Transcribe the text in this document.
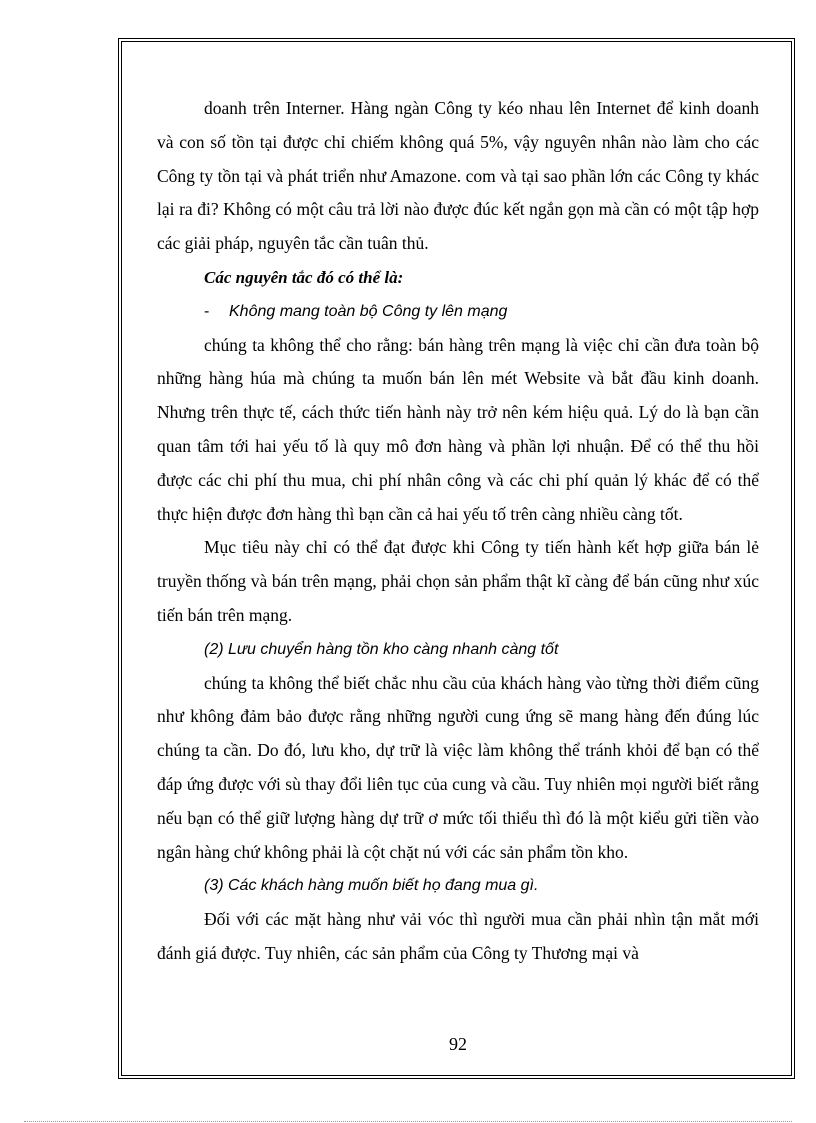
doanh trên Interner. Hàng ngàn Công ty kéo nhau lên Internet để kinh doanh và con số tồn tại được chỉ chiếm không quá 5%, vậy nguyên nhân nào làm cho các Công ty tồn tại và phát triển như Amazone. com và tại sao phần lớn các Công ty khác lại ra đi? Không có một câu trả lời nào được đúc kết ngắn gọn mà cần có một tập hợp các giải pháp, nguyên tắc cần tuân thủ.

Các nguyên tắc đó có thể là:

- Không mang toàn bộ Công ty lên mạng

chúng ta không thể cho rằng: bán hàng trên mạng là việc chỉ cần đưa toàn bộ những hàng húa mà chúng ta muốn bán lên mét Website và bắt đầu kinh doanh. Nhưng trên thực tế, cách thức tiến hành này trở nên kém hiệu quả. Lý do là bạn cần quan tâm tới hai yếu tố là quy mô đơn hàng và phần lợi nhuận. Để có thể thu hồi được các chi phí thu mua, chi phí nhân công và các chi phí quản lý khác để có thể thực hiện được đơn hàng thì bạn cần cả hai yếu tố trên càng nhiều càng tốt.

Mục tiêu này chỉ có thể đạt được khi Công ty tiến hành kết hợp giữa bán lẻ truyền thống và bán trên mạng, phải chọn sản phẩm thật kĩ càng để bán cũng như xúc tiến bán trên mạng.

(2) Lưu chuyển hàng tồn kho càng nhanh càng tốt

chúng ta không thể biết chắc nhu cầu của khách hàng vào từng thời điểm cũng như không đảm bảo được rằng những người cung ứng sẽ mang hàng đến đúng lúc chúng ta cần. Do đó, lưu kho, dự trữ là việc làm không thể tránh khỏi để bạn có thể đáp ứng được với sù thay đổi liên tục của cung và cầu. Tuy nhiên mọi người biết rằng nếu bạn có thể giữ lượng hàng dự trữ ơ mức tối thiểu thì đó là một kiểu gửi tiền vào ngân hàng chứ không phải là cột chặt nú với các sản phẩm tồn kho.

(3) Các khách hàng muốn biết họ đang mua gì.

Đối với các mặt hàng như vải vóc thì người mua cần phải nhìn tận mắt mới đánh giá được. Tuy nhiên, các sản phẩm của Công ty Thương mại và

92
